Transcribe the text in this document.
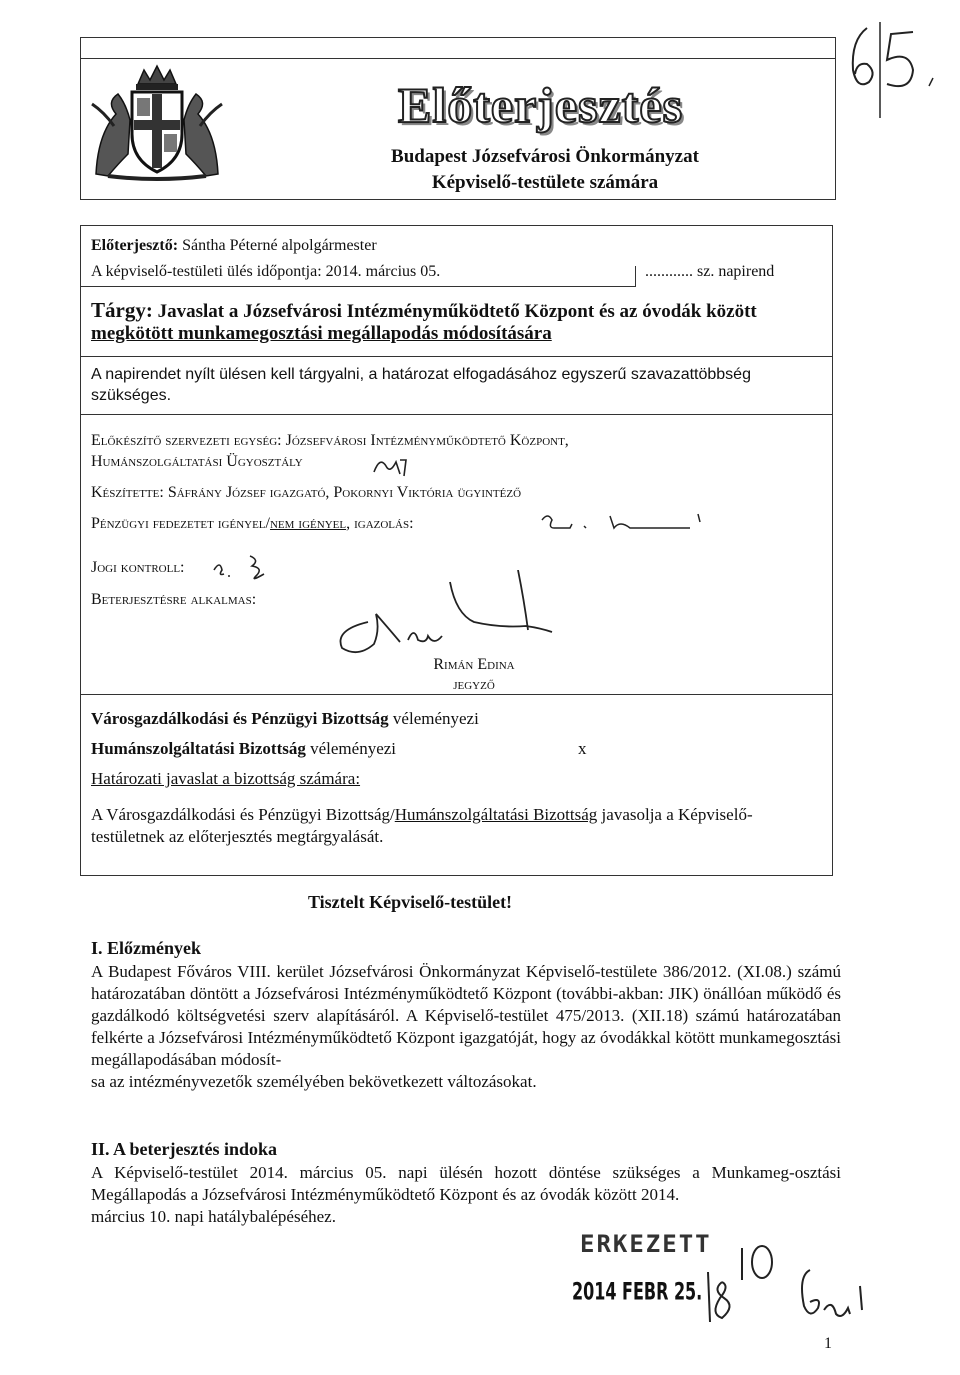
Előterjesztés
Budapest Józsefvárosi Önkormányzat
Képviselő-testülete számára
Előterjesztő: Sántha Péterné alpolgármester
A képviselő-testületi ülés időpontja: 2014. március 05.	............ sz. napirend
Tárgy: Javaslat a Józsefvárosi Intézményműködtető Központ és az óvodák között
megkötött munkamegosztási megállapodás módosítására
A napirendet nyílt ülésen kell tárgyalni, a határozat elfogadásához egyszerű szavazattöbbség szükséges.
Előkészítő szervezeti egység: Józsefvárosi Intézményműködtető Központ,
Humánszolgáltatási Ügyosztály
Készítette: Sáfrány József igazgató, Pokornyi Viktória ügyintéző
Pénzügyi fedezetet igényel/nem igényel, igazolás:
Jogi kontroll:
Beterjesztésre alkalmas:
Rimán Edina
jegyző
Városgazdálkodási és Pénzügyi Bizottság véleményezi
Humánszolgáltatási Bizottság véleményezi	x
Határozati javaslat a bizottság számára:
A Városgazdálkodási és Pénzügyi Bizottság/Humánszolgáltatási Bizottság javasolja a Képviselő-
testületnek az előterjesztés megtárgyalását.
Tisztelt Képviselő-testület!
I. Előzmények
A Budapest Főváros VIII. kerület Józsefvárosi Önkormányzat Képviselő-testülete 386/2012. (XI.08.) számú határozatában döntött a Józsefvárosi Intézményműködtető Központ (további-akban: JIK) önállóan működő és gazdálkodó költségvetési szerv alapításáról. A Képviselő-testület 475/2013. (XII.18) számú határozatában felkérte a Józsefvárosi Intézményműködtető Központ igazgatóját, hogy az óvodákkal kötött munkamegosztási megállapodásában módosít-
sa az intézményvezetők személyében bekövetkezett változásokat.
II. A beterjesztés indoka
A Képviselő-testület 2014. március 05. napi ülésén hozott döntése szükséges a Munkameg-osztási Megállapodás a Józsefvárosi Intézményműködtető Központ és az óvodák között 2014.
március 10. napi hatálybalépéséhez.
ERKEZETT
2014 FEBR 25.
1
